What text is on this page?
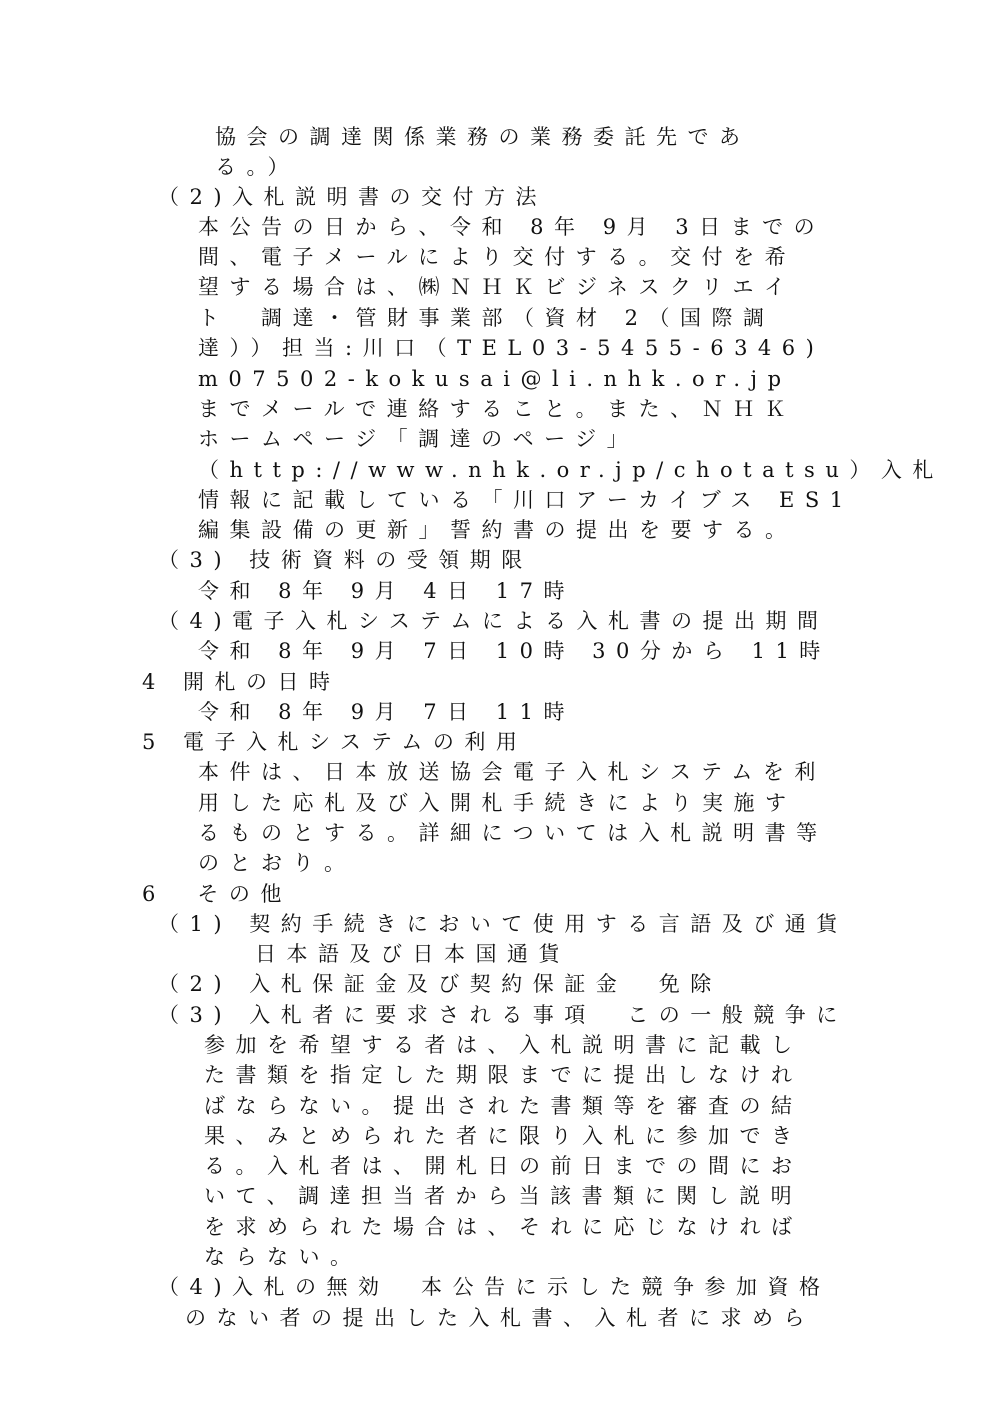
協会の調達関係業務の業務委託先であ
る。）
（2)入札説明書の交付方法
本公告の日から、令和 8年 9月 3日までの
間、電子メールにより交付する。交付を希
望する場合は、㈱ＮＨＫビジネスクリエイ
ト　調達・管財事業部（資材 2（国際調
達））担当:川口（TEL03-5455-6346)
m07502-kokusai@li.nhk.or.jp
までメールで連絡すること。また、ＮＨＫ
ホームページ「調達のページ」
（http://www.nhk.or.jp/chotatsu）入札
情報に記載している「川口アーカイブス ES1
編集設備の更新」誓約書の提出を要する。
（3) 技術資料の受領期限
令和 8年 9月 4日 17時
（4)電子入札システムによる入札書の提出期間
令和 8年 9月 7日 10時 30分から 11時
4 開札の日時
令和 8年 9月 7日 11時
5 電子入札システムの利用
本件は、日本放送協会電子入札システムを利
用した応札及び入開札手続きにより実施す
るものとする。詳細については入札説明書等
のとおり。
6　その他
（1) 契約手続きにおいて使用する言語及び通貨
日本語及び日本国通貨
（2) 入札保証金及び契約保証金　免除
（3) 入札者に要求される事項　この一般競争に
参加を希望する者は、入札説明書に記載し
た書類を指定した期限までに提出しなけれ
ばならない。提出された書類等を審査の結
果、みとめられた者に限り入札に参加でき
る。入札者は、開札日の前日までの間にお
いて、調達担当者から当該書類に関し説明
を求められた場合は、それに応じなければ
ならない。
（4)入札の無効　本公告に示した競争参加資格
のない者の提出した入札書、入札者に求めら
